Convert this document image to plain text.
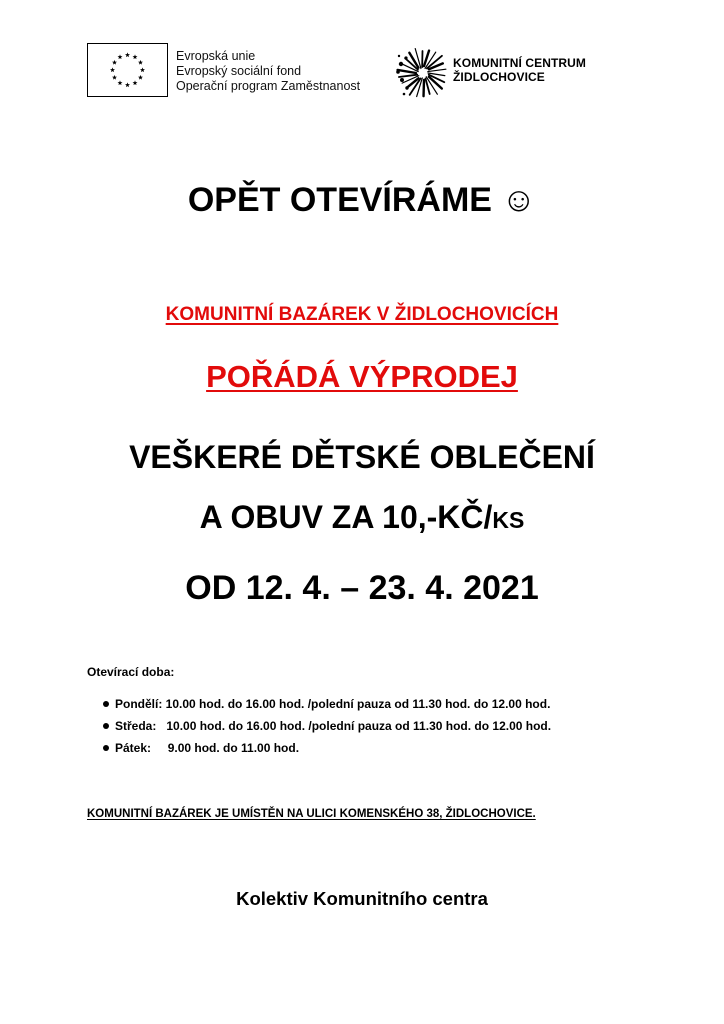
Evropská unie
Evropský sociální fond
Operační program Zaměstnanost
KOMUNITNÍ CENTRUM
ŽIDLOCHOVICE
OPĚT OTEVÍRÁME ☺
KOMUNITNÍ BAZÁREK V ŽIDLOCHOVICÍCH
POŘÁDÁ VÝPRODEJ
VEŠKERÉ DĚTSKÉ OBLEČENÍ
A OBUV ZA 10,-KČ/KS
OD 12. 4. – 23. 4. 2021
Otevírací doba:
Pondělí: 10.00 hod. do 16.00 hod. /polední pauza od 11.30 hod. do 12.00 hod.
Středa:   10.00 hod. do 16.00 hod. /polední pauza od 11.30 hod. do 12.00 hod.
Pátek:     9.00 hod. do 11.00 hod.
KOMUNITNÍ BAZÁREK JE UMÍSTĚN NA ULICI KOMENSKÉHO 38, ŽIDLOCHOVICE.
Kolektiv Komunitního centra
